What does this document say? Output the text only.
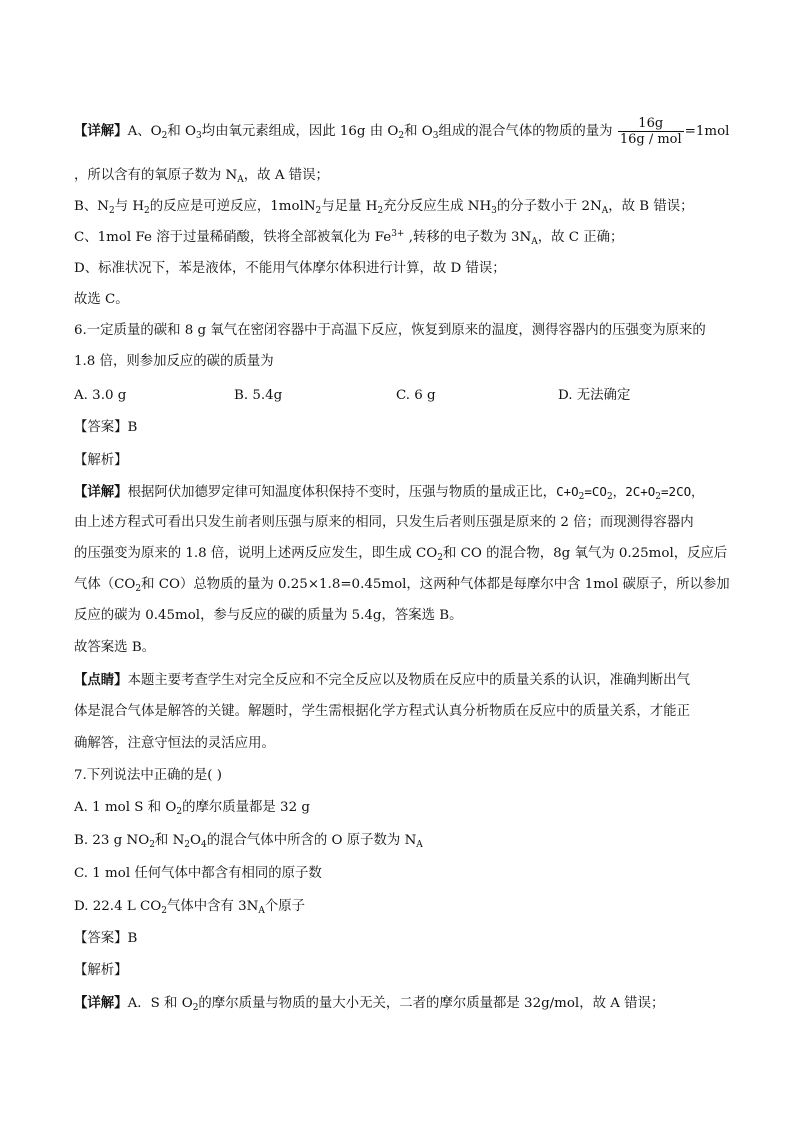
【详解】A、$O_2$和 $O_3$均由氧元素组成，因此 16g 由 $O_2$和 $O_3$组成的混合气体的物质的量为 $\frac{16g}{\text{16g / mol}} =1mol$
，所以含有的氧原子数为 $N_A$，故 A 错误；
B、$N_2$与 $H_2$的反应是可逆反应，1molN$_2$与足量 $H_2$充分反应生成 $NH_3$的分子数小于 $2N_A$，故 B 错误；
C、1mol Fe 溶于过量稀硝酸，铁将全部被氧化为 $Fe^{3+}$ ,转移的电子数为 $3N_A$，故 C 正确；
D、标准状况下，苯是液体，不能用气体摩尔体积进行计算，故 D 错误；
故选 C。
6.一定质量的碳和 8 g 氧气在密闭容器中于高温下反应，恢复到原来的温度，测得容器内的压强变为原来的
1.8 倍，则参加反应的碳的质量为
A. 3.0 g	B. 5.4g	C. 6 g	D. 无法确定
【答案】B
【解析】
【详解】根据阿伏加德罗定律可知温度体积保持不变时，压强与物质的量成正比，$C+O_2=CO_2$，$2C+O_2=2CO$，
由上述方程式可看出只发生前者则压强与原来的相同，只发生后者则压强是原来的 2 倍；而现测得容器内
的压强变为原来的 1.8 倍，说明上述两反应发生，即生成 $CO_2$和 CO 的混合物，8g 氧气为 0.25mol，反应后
气体（$CO_2$和 CO）总物质的量为 0.25×1.8=0.45mol，这两种气体都是每摩尔中含 1mol 碳原子，所以参加
反应的碳为 0.45mol，参与反应的碳的质量为 5.4g，答案选 B。
故答案选 B。
【点睛】本题主要考查学生对完全反应和不完全反应以及物质在反应中的质量关系的认识，准确判断出气
体是混合气体是解答的关键。解题时，学生需根据化学方程式认真分析物质在反应中的质量关系，才能正
确解答，注意守恒法的灵活应用。
7.下列说法中正确的是( )
A. 1 mol S 和 $O_2$的摩尔质量都是 32 g
B. 23 g $NO_2$和 $N_2O_4$的混合气体中所含的 O 原子数为 $N_A$
C. 1 mol 任何气体中都含有相同的原子数
D. 22.4 L $CO_2$气体中含有 $3N_A$个原子
【答案】B
【解析】
【详解】A．S 和 $O_2$的摩尔质量与物质的量大小无关，二者的摩尔质量都是 32g/mol，故 A 错误；
